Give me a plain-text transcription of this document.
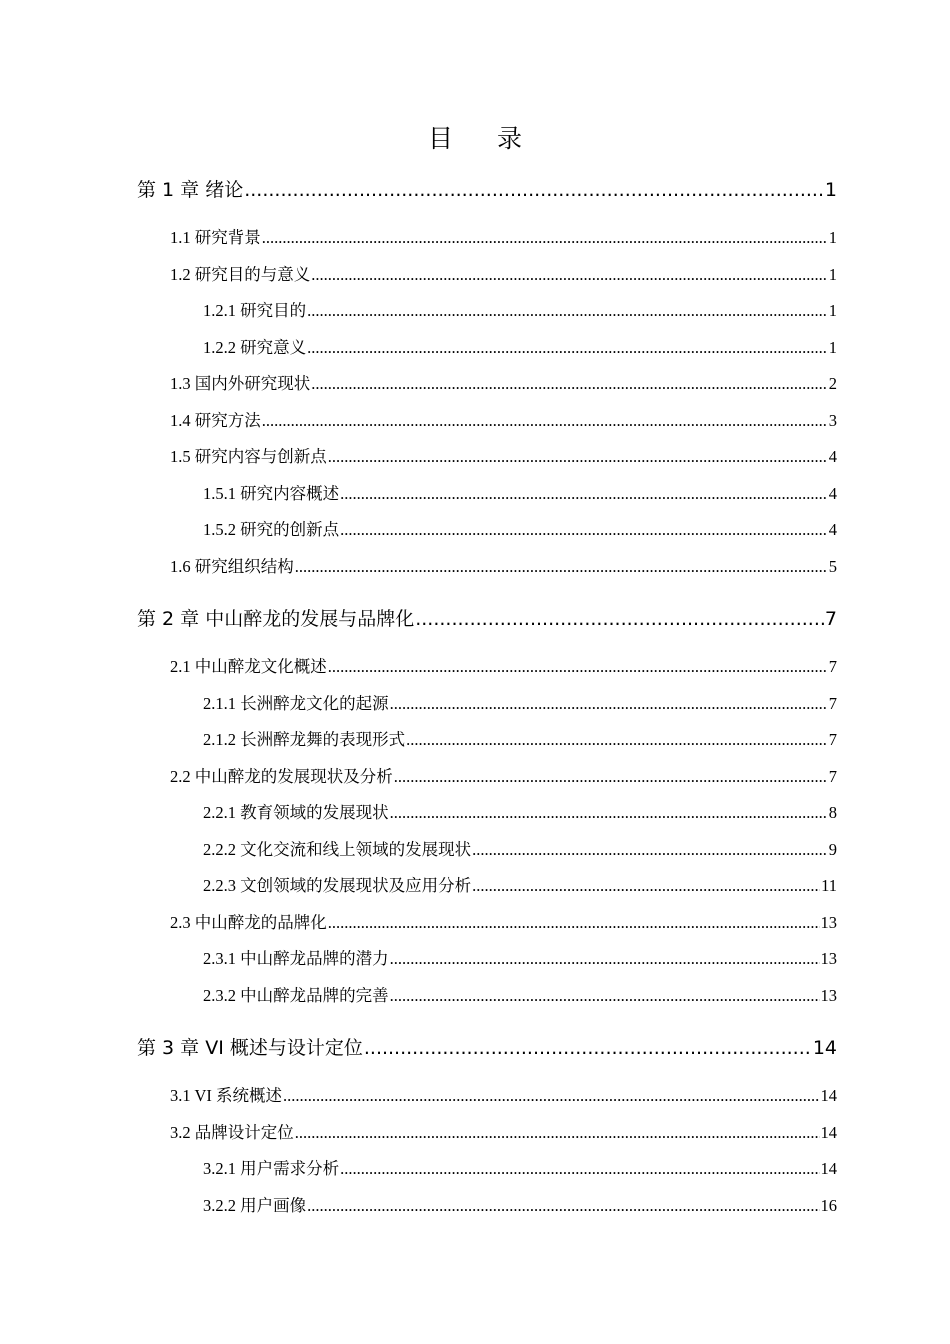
目 录
第 1 章 绪论 .....	1
1.1 研究背景 .....	1
1.2 研究目的与意义 .....	1
1.2.1 研究目的 .....	1
1.2.2 研究意义 .....	1
1.3 国内外研究现状 .....	2
1.4 研究方法 .....	3
1.5 研究内容与创新点 .....	4
1.5.1 研究内容概述 .....	4
1.5.2 研究的创新点 .....	4
1.6 研究组织结构 .....	5
第 2 章 中山醉龙的发展与品牌化 .....	7
2.1 中山醉龙文化概述 .....	7
2.1.1 长洲醉龙文化的起源 .....	7
2.1.2 长洲醉龙舞的表现形式 .....	7
2.2 中山醉龙的发展现状及分析 .....	7
2.2.1 教育领域的发展现状 .....	8
2.2.2 文化交流和线上领域的发展现状 .....	9
2.2.3 文创领域的发展现状及应用分析 .....	11
2.3 中山醉龙的品牌化 .....	13
2.3.1 中山醉龙品牌的潜力 .....	13
2.3.2 中山醉龙品牌的完善 .....	13
第 3 章 VI 概述与设计定位 .....	14
3.1 VI 系统概述 .....	14
3.2 品牌设计定位 .....	14
3.2.1 用户需求分析 .....	14
3.2.2 用户画像 .....	16
